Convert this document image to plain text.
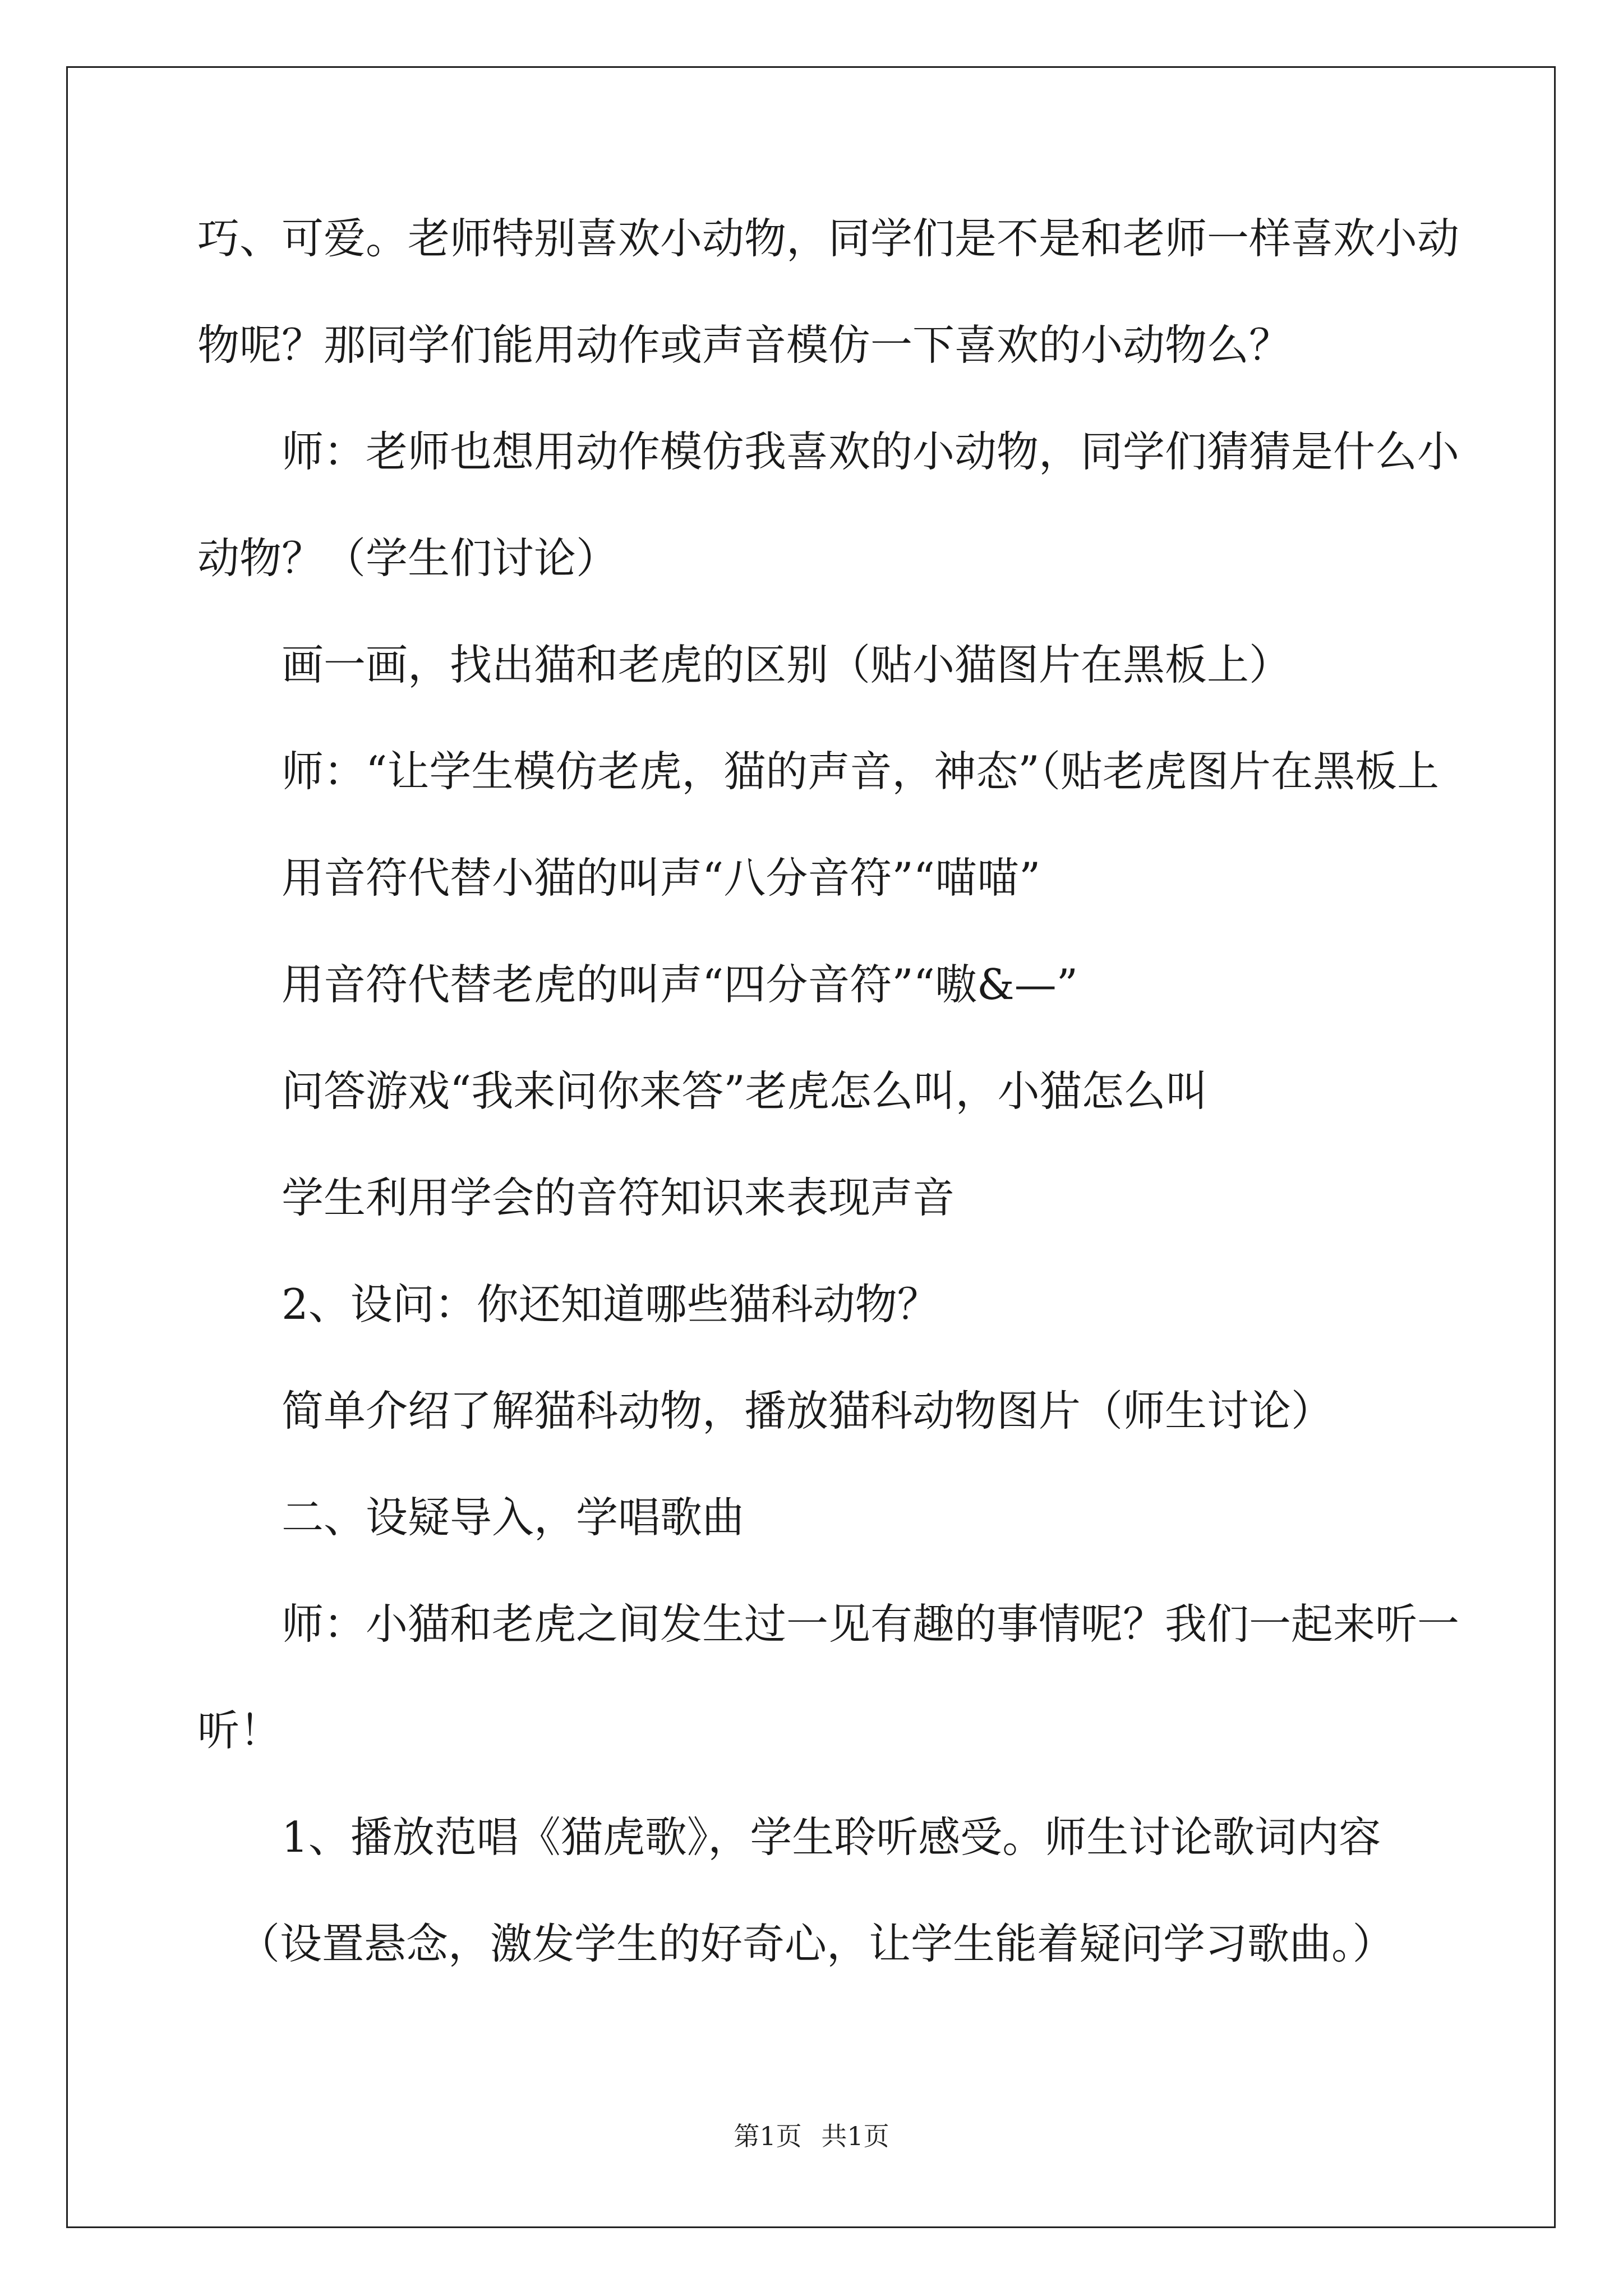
巧、可爱。老师特别喜欢小动物，同学们是不是和老师一样喜欢小动
物呢？那同学们能用动作或声音模仿一下喜欢的小动物么？
师：老师也想用动作模仿我喜欢的小动物，同学们猜猜是什么小
动物？（学生们讨论）
画一画，找出猫和老虎的区别（贴小猫图片在黑板上）
师：“让学生模仿老虎，猫的声音，神态”（贴老虎图片在黑板上
用音符代替小猫的叫声“八分音符”“喵喵”
用音符代替老虎的叫声“四分音符”“嗷&—”
问答游戏“我来问你来答”老虎怎么叫，小猫怎么叫
学生利用学会的音符知识来表现声音
2、设问：你还知道哪些猫科动物？
简单介绍了解猫科动物，播放猫科动物图片（师生讨论）
二、设疑导入，学唱歌曲
师：小猫和老虎之间发生过一见有趣的事情呢？我们一起来听一
听！
1、播放范唱《猫虎歌》，学生聆听感受。师生讨论歌词内容
（设置悬念，激发学生的好奇心，让学生能着疑问学习歌曲。）
第1页 共1页
